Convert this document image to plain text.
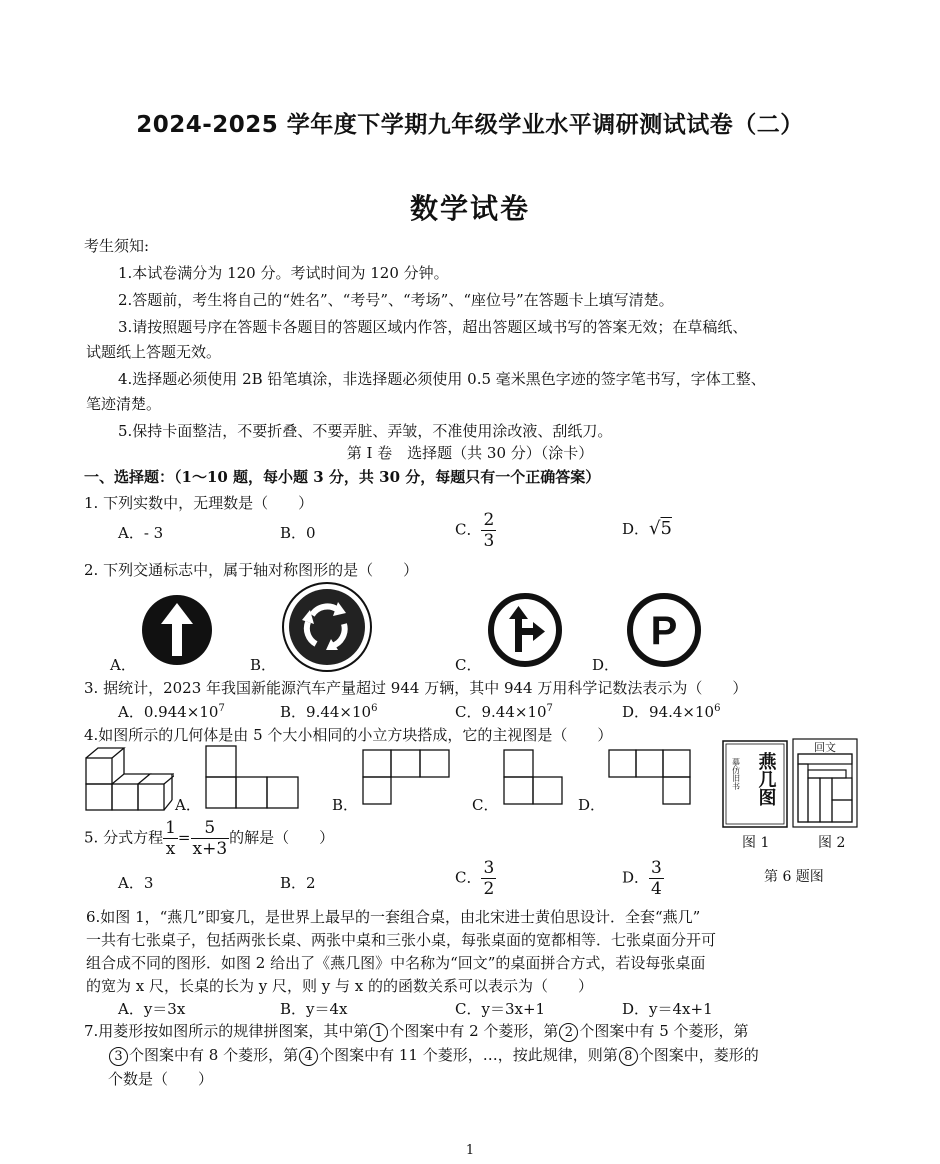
2024-2025 学年度下学期九年级学业水平调研测试试卷（二）
数学试卷
考生须知:
1.本试卷满分为 120 分。考试时间为 120 分钟。
2.答题前，考生将自己的“姓名”、“考号”、“考场”、“座位号”在答题卡上填写清楚。
3.请按照题号序在答题卡各题目的答题区域内作答，超出答题区域书写的答案无效；在草稿纸、
试题纸上答题无效。
4.选择题必须使用 2B 铅笔填涂，非选择题必须使用 0.5 毫米黑色字迹的签字笔书写，字体工整、
笔迹清楚。
5.保持卡面整洁，不要折叠、不要弄脏、弄皱，不准使用涂改液、刮纸刀。
第 I 卷　选择题（共 30 分）（涂卡）
一、选择题：（1～10 题，每小题 3 分，共 30 分，每题只有一个正确答案）
1. 下列实数中，无理数是（　　）
A．- 3	B．0	C． $\frac{2}{3}$	D．√5
2. 下列交通标志中，属于轴对称图形的是（　　）
P
A．	B．	C．	D．
3. 据统计，2023 年我国新能源汽车产量超过 944 万辆，其中 944 万用科学记数法表示为（　　）
A．$0.944\times 10^7$	B．$9.44\times 10^6$	C．$9.44\times 10^7$	D．$94.4\times 10^6$
4.如图所示的几何体是由 5 个大小相同的小立方块搭成，它的主视图是（　　）
A．	B．	C．	D．
摹仿旧书 燕几图
回文
图 1	图 2
5. 分式方程 $\frac{1}{x} = \frac{5}{x+3}$ 的解是（　　）
A．3	B．2	C． $\frac{3}{2}$	D． $\frac{3}{4}$	第 6 题图
6.如图 1，“燕几”即宴几，是世界上最早的一套组合桌，由北宋进士黄伯思设计．全套“燕几”
一共有七张桌子，包括两张长桌、两张中桌和三张小桌，每张桌面的宽都相等．七张桌面分开可
组合成不同的图形．如图 2 给出了《燕几图》中名称为“回文”的桌面拼合方式，若设每张桌面
的宽为 x 尺，长桌的长为 y 尺，则 y 与 x 的的函数关系可以表示为（　　）
A．y＝3x	B．y＝4x	C．y＝3x+1	D．y＝4x+1
7.用菱形按如图所示的规律拼图案，其中第 1 个图案中有 2 个菱形，第 2 个图案中有 5 个菱形，第
3 个图案中有 8 个菱形，第 4 个图案中有 11 个菱形，…，按此规律，则第 8 个图案中，菱形的
个数是（　　）
1
